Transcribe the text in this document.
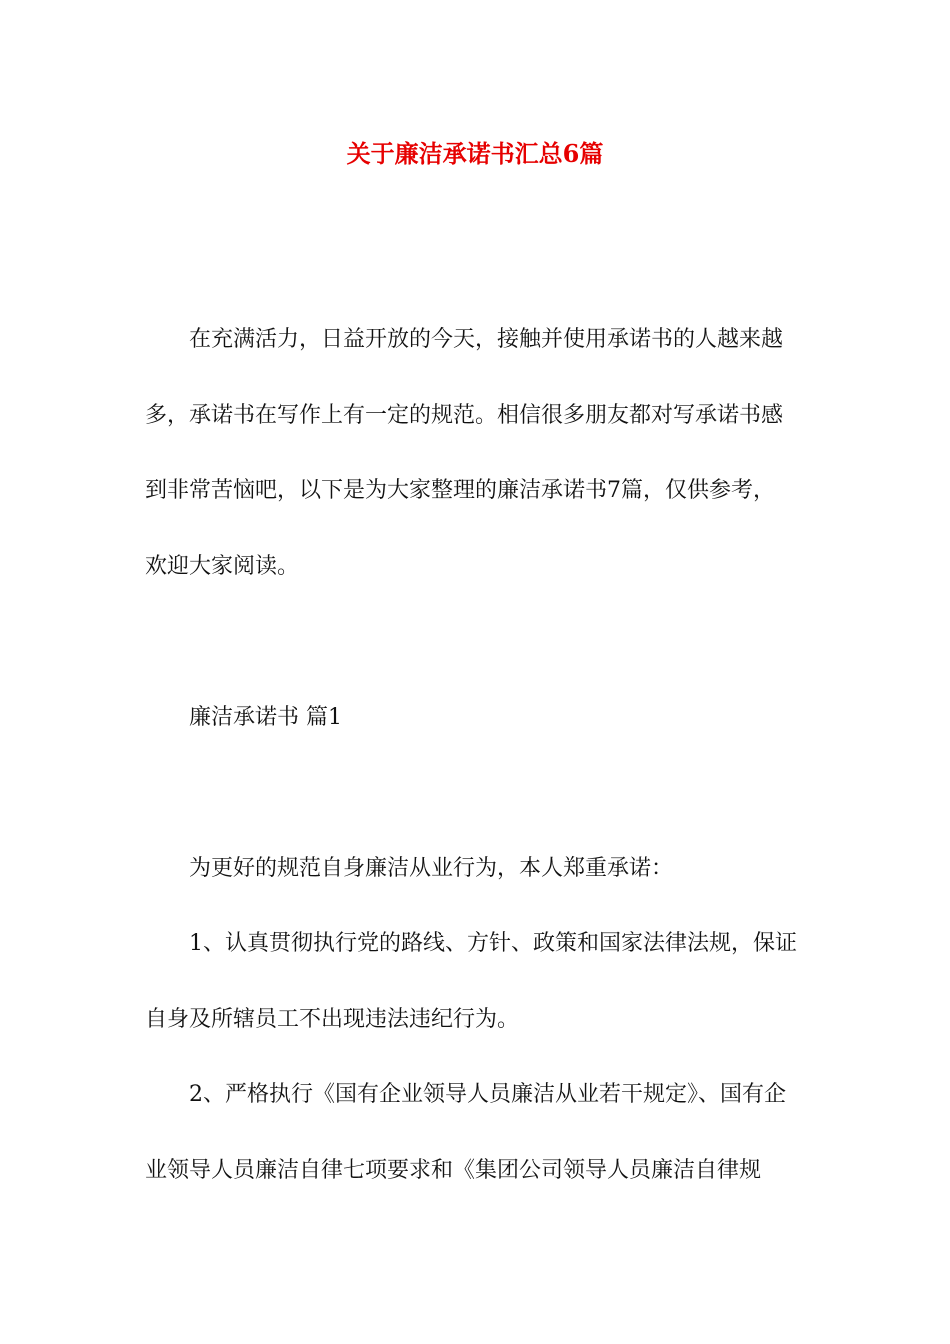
关于廉洁承诺书汇总6篇
在充满活力，日益开放的今天，接触并使用承诺书的人越来越
多，承诺书在写作上有一定的规范。相信很多朋友都对写承诺书感
到非常苦恼吧，以下是为大家整理的廉洁承诺书7篇，仅供参考，
欢迎大家阅读。
廉洁承诺书 篇1
为更好的规范自身廉洁从业行为，本人郑重承诺：
1、认真贯彻执行党的路线、方针、政策和国家法律法规，保证
自身及所辖员工不出现违法违纪行为。
2、严格执行《国有企业领导人员廉洁从业若干规定》、国有企
业领导人员廉洁自律七项要求和《集团公司领导人员廉洁自律规
